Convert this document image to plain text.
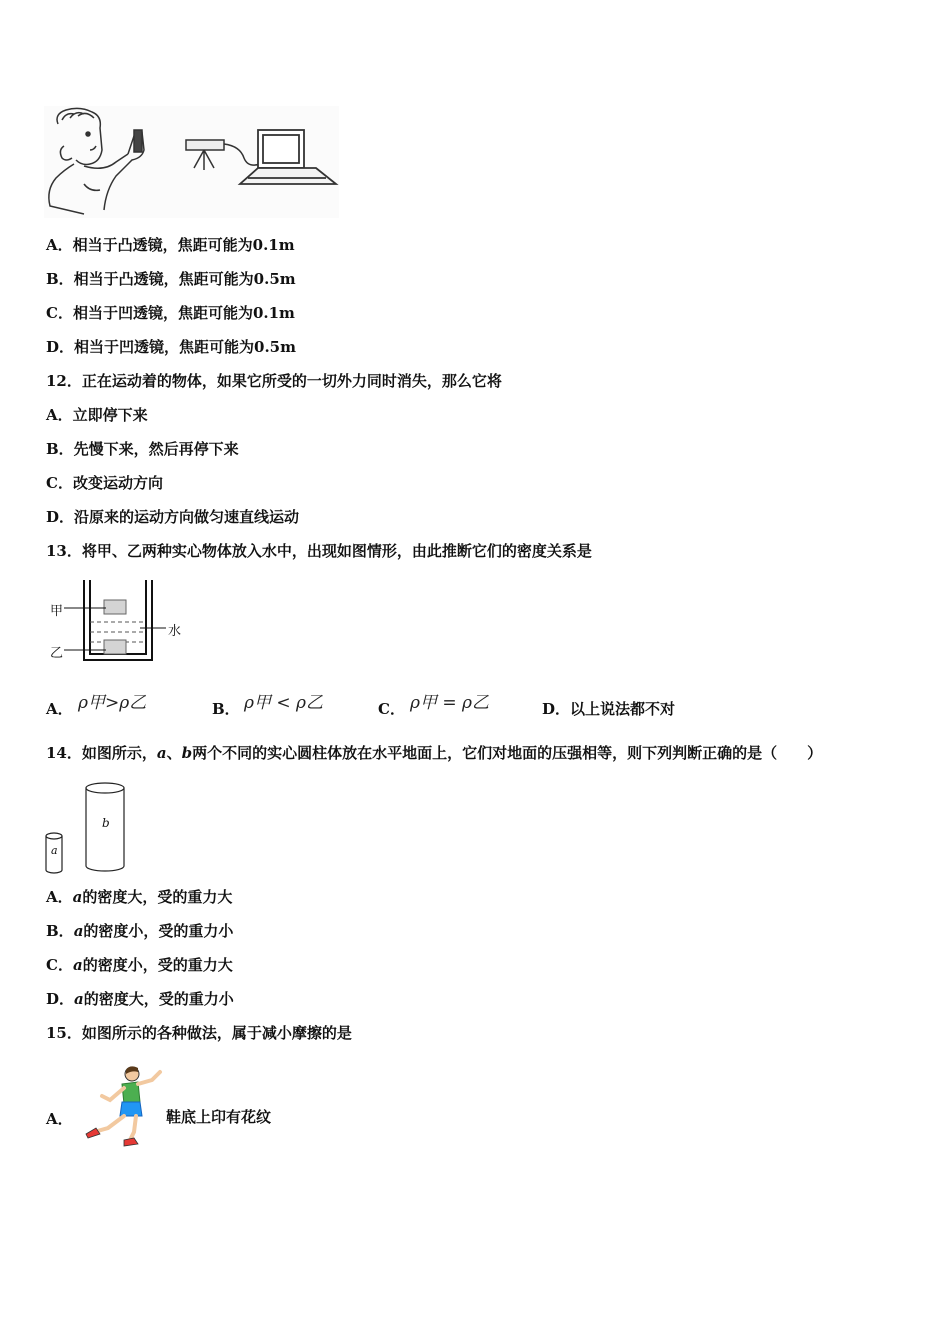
A．相当于凸透镜，焦距可能为0.1m
B．相当于凸透镜，焦距可能为0.5m
C．相当于凹透镜，焦距可能为0.1m
D．相当于凹透镜，焦距可能为0.5m
12．正在运动着的物体，如果它所受的一切外力同时消失，那么它将
A．立即停下来
B．先慢下来，然后再停下来
C．改变运动方向
D．沿原来的运动方向做匀速直线运动
13．将甲、乙两种实心物体放入水中，出现如图情形，由此推断它们的密度关系是
甲
乙
水
A． ρ甲>ρ乙	B． ρ甲 < ρ乙	C． ρ甲 = ρ乙	D．以上说法都不对
14．如图所示，a、b两个不同的实心圆柱体放在水平地面上，它们对地面的压强相等，则下列判断正确的是（　　）
a
b
A．a的密度大，受的重力大
B．a的密度小，受的重力小
C．a的密度小，受的重力大
D．a的密度大，受的重力小
15．如图所示的各种做法，属于减小摩擦的是
A．	鞋底上印有花纹
